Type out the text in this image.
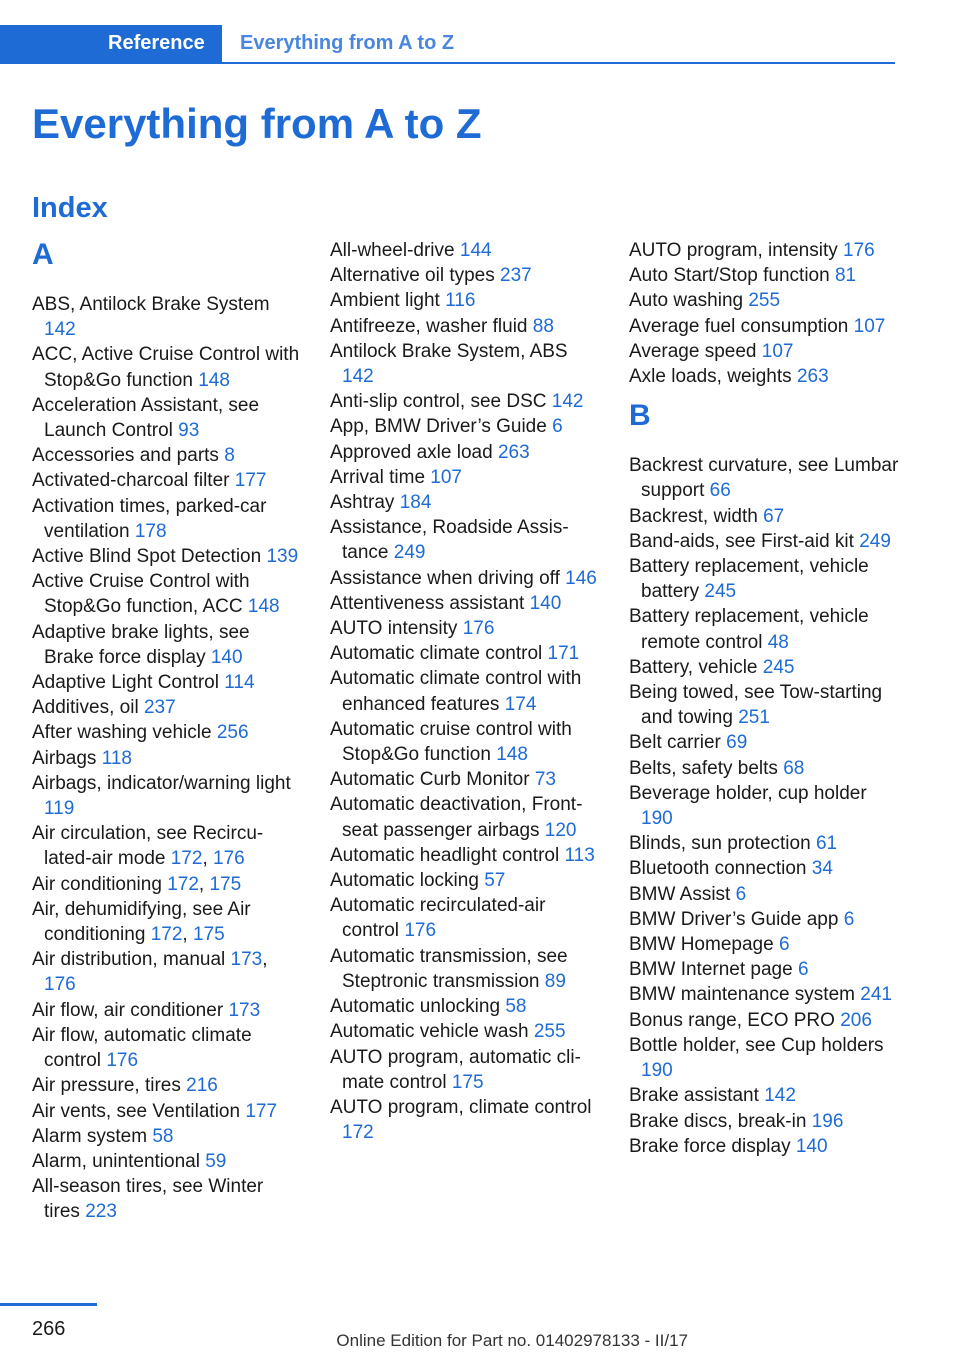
Reference	Everything from A to Z
Everything from A to Z
Index
A
ABS, Antilock Brake System 142
ACC, Active Cruise Control with Stop&Go function 148
Acceleration Assistant, see Launch Control 93
Accessories and parts 8
Activated-charcoal filter 177
Activation times, parked-car ventilation 178
Active Blind Spot Detection 139
Active Cruise Control with Stop&Go function, ACC 148
Adaptive brake lights, see Brake force display 140
Adaptive Light Control 114
Additives, oil 237
After washing vehicle 256
Airbags 118
Airbags, indicator/warning light 119
Air circulation, see Recirculated-air mode 172, 176
Air conditioning 172, 175
Air, dehumidifying, see Air conditioning 172, 175
Air distribution, manual 173, 176
Air flow, air conditioner 173
Air flow, automatic climate control 176
Air pressure, tires 216
Air vents, see Ventilation 177
Alarm system 58
Alarm, unintentional 59
All-season tires, see Winter tires 223
All-wheel-drive 144
Alternative oil types 237
Ambient light 116
Antifreeze, washer fluid 88
Antilock Brake System, ABS 142
Anti-slip control, see DSC 142
App, BMW Driver’s Guide 6
Approved axle load 263
Arrival time 107
Ashtray 184
Assistance, Roadside Assistance 249
Assistance when driving off 146
Attentiveness assistant 140
AUTO intensity 176
Automatic climate control 171
Automatic climate control with enhanced features 174
Automatic cruise control with Stop&Go function 148
Automatic Curb Monitor 73
Automatic deactivation, Front-seat passenger airbags 120
Automatic headlight control 113
Automatic locking 57
Automatic recirculated-air control 176
Automatic transmission, see Steptronic transmission 89
Automatic unlocking 58
Automatic vehicle wash 255
AUTO program, automatic climate control 175
AUTO program, climate control 172
AUTO program, intensity 176
Auto Start/Stop function 81
Auto washing 255
Average fuel consumption 107
Average speed 107
Axle loads, weights 263
B
Backrest curvature, see Lumbar support 66
Backrest, width 67
Band-aids, see First-aid kit 249
Battery replacement, vehicle battery 245
Battery replacement, vehicle remote control 48
Battery, vehicle 245
Being towed, see Tow-starting and towing 251
Belt carrier 69
Belts, safety belts 68
Beverage holder, cup holder 190
Blinds, sun protection 61
Bluetooth connection 34
BMW Assist 6
BMW Driver’s Guide app 6
BMW Homepage 6
BMW Internet page 6
BMW maintenance system 241
Bonus range, ECO PRO 206
Bottle holder, see Cup holders 190
Brake assistant 142
Brake discs, break-in 196
Brake force display 140
266
Online Edition for Part no. 01402978133 - II/17
